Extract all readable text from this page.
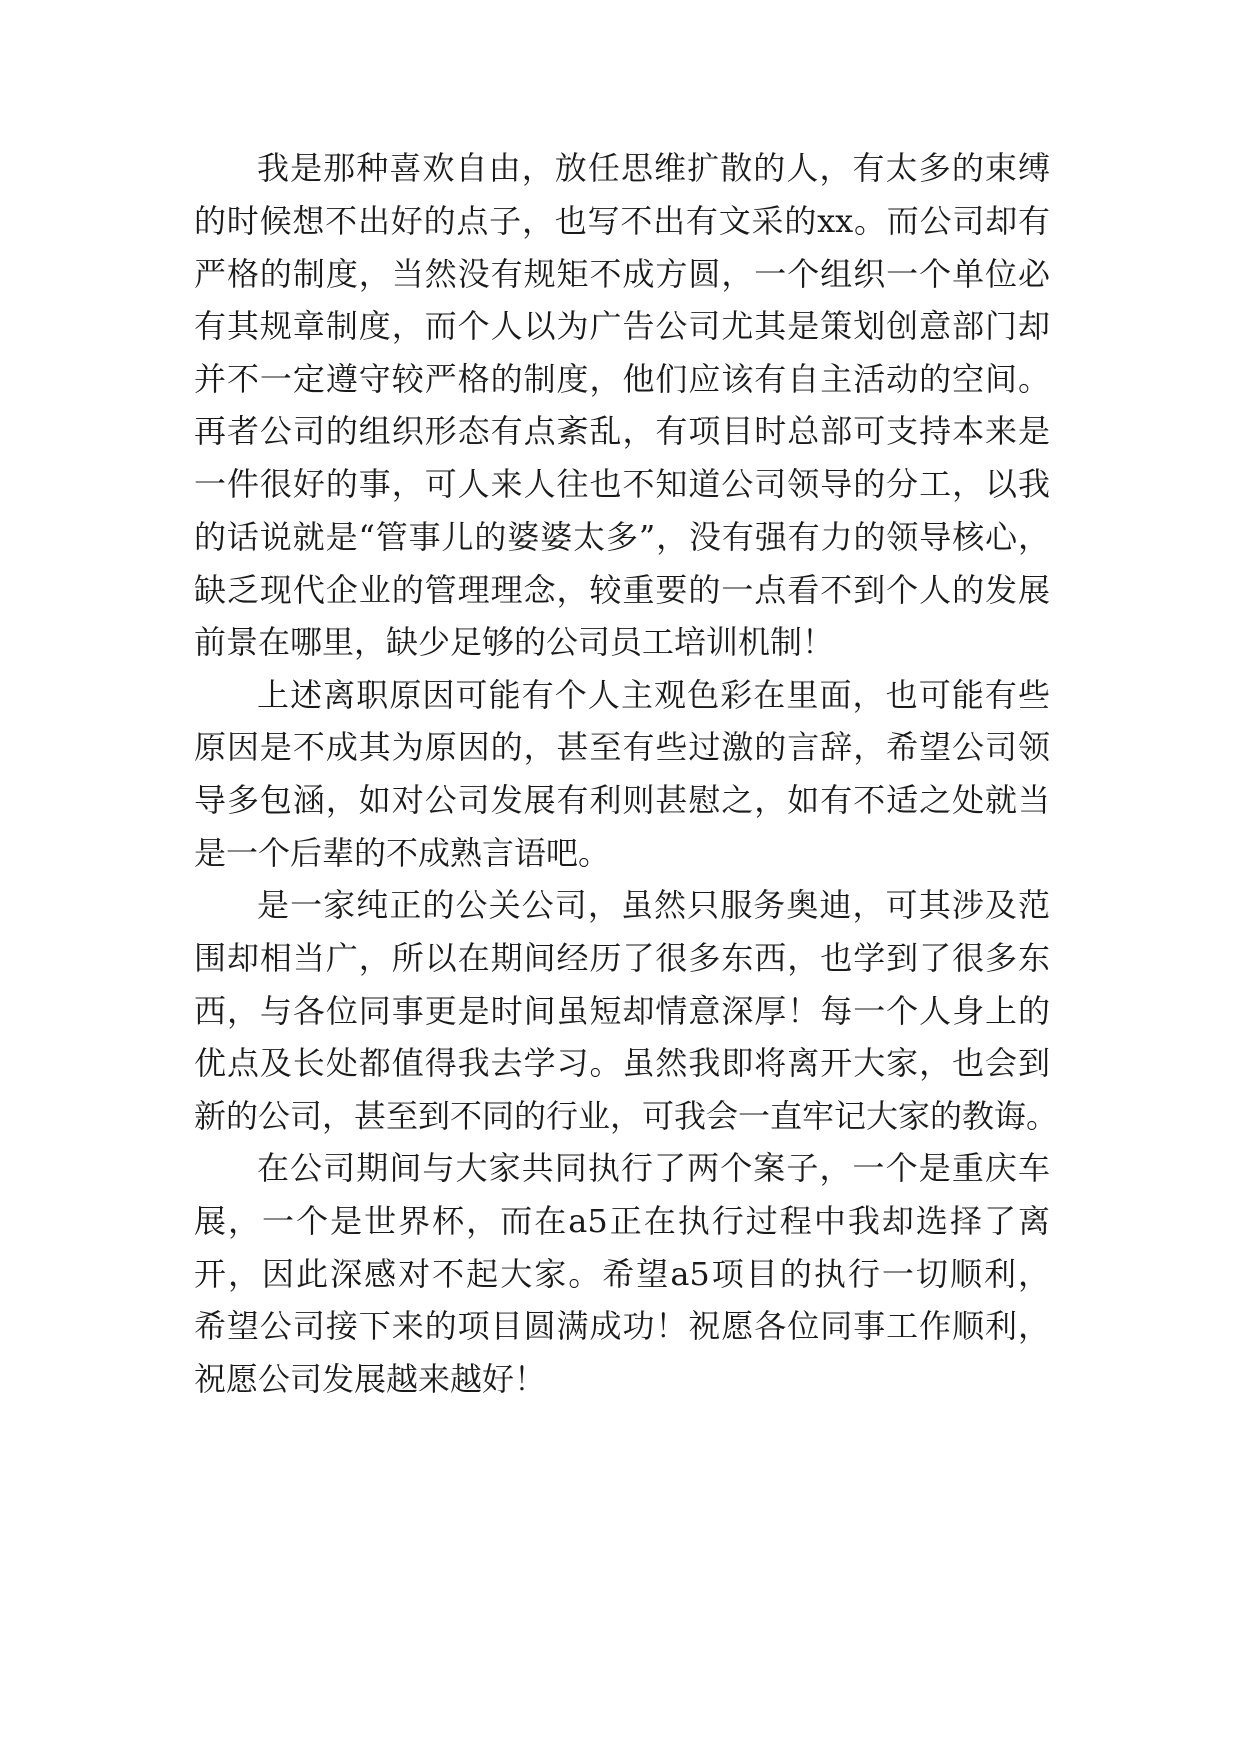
我是那种喜欢自由，放任思维扩散的人，有太多的束缚
的时候想不出好的点子，也写不出有文采的xx。而公司却有
严格的制度，当然没有规矩不成方圆，一个组织一个单位必
有其规章制度，而个人以为广告公司尤其是策划创意部门却
并不一定遵守较严格的制度，他们应该有自主活动的空间。
再者公司的组织形态有点紊乱，有项目时总部可支持本来是
一件很好的事，可人来人往也不知道公司领导的分工，以我
的话说就是“管事儿的婆婆太多”，没有强有力的领导核心，
缺乏现代企业的管理理念，较重要的一点看不到个人的发展
前景在哪里，缺少足够的公司员工培训机制！
上述离职原因可能有个人主观色彩在里面，也可能有些
原因是不成其为原因的，甚至有些过激的言辞，希望公司领
导多包涵，如对公司发展有利则甚慰之，如有不适之处就当
是一个后辈的不成熟言语吧。
是一家纯正的公关公司，虽然只服务奥迪，可其涉及范
围却相当广，所以在期间经历了很多东西，也学到了很多东
西，与各位同事更是时间虽短却情意深厚！每一个人身上的
优点及长处都值得我去学习。虽然我即将离开大家，也会到
新的公司，甚至到不同的行业，可我会一直牢记大家的教诲。
在公司期间与大家共同执行了两个案子，一个是重庆车
展，一个是世界杯，而在a5正在执行过程中我却选择了离
开，因此深感对不起大家。希望a5项目的执行一切顺利，
希望公司接下来的项目圆满成功！祝愿各位同事工作顺利，
祝愿公司发展越来越好！
